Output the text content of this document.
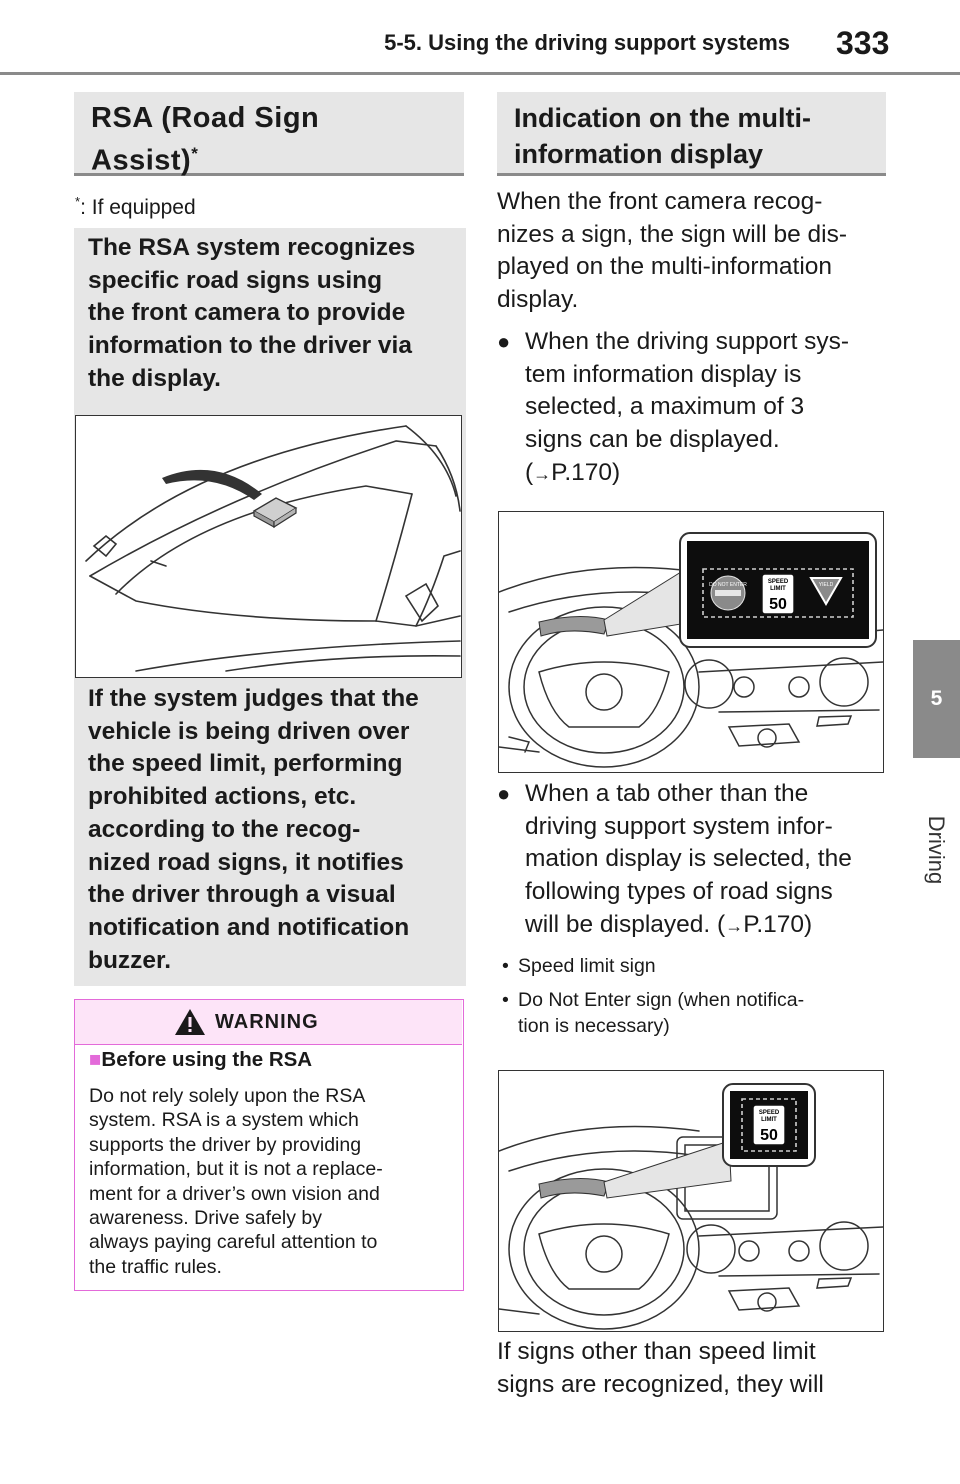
5-5. Using the driving support systems 333
5
Driving
RSA (Road Sign
Assist)*
*: If equipped
The RSA system recognizes
specific road signs using
the front camera to provide
information to the driver via
the display.
If the system judges that the
vehicle is being driven over
the speed limit, performing
prohibited actions, etc.
according to the recog-
nized road signs, it notifies
the driver through a visual
notification and notification
buzzer.
WARNING
■Before using the RSA
Do not rely solely upon the RSA
system. RSA is a system which
supports the driver by providing
information, but it is not a replace-
ment for a driver’s own vision and
awareness. Drive safely by
always paying careful attention to
the traffic rules.
Indication on the multi-
information display
When the front camera recog-
nizes a sign, the sign will be dis-
played on the multi-information
display.
● When the driving support sys-
tem information display is
selected, a maximum of 3
signs can be displayed.
(→P.170)
DO NOT ENTER	SPEED
LIMIT
50
YIELD
● When a tab other than the
driving support system infor-
mation display is selected, the
following types of road signs
will be displayed. (→P.170)
• Speed limit sign
• Do Not Enter sign (when notifica-
tion is necessary)
SPEED
LIMIT
50
If signs other than speed limit
signs are recognized, they will
